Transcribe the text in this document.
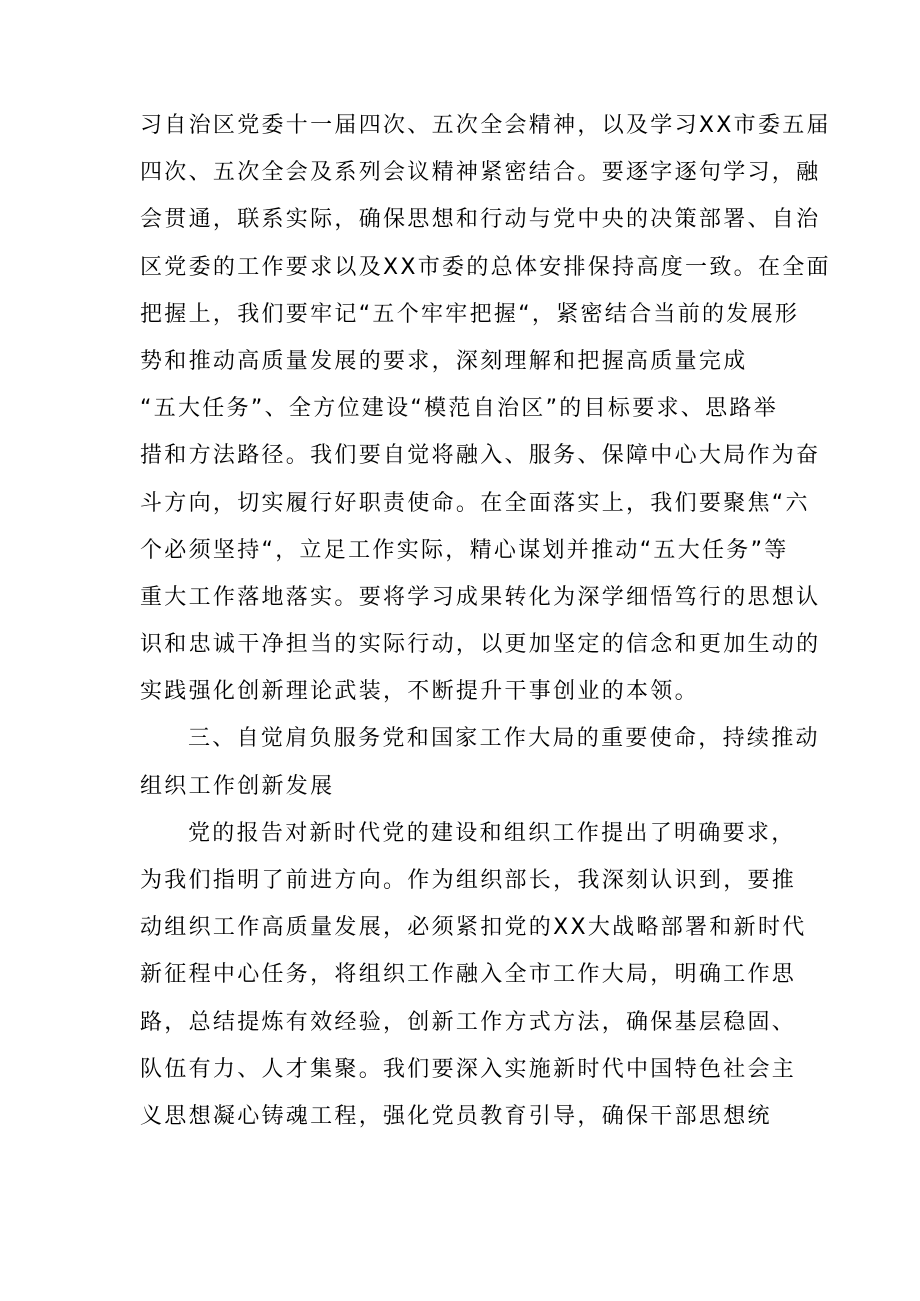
习自治区党委十一届四次、五次全会精神，以及学习XX市委五届
四次、五次全会及系列会议精神紧密结合。要逐字逐句学习，融
会贯通，联系实际，确保思想和行动与党中央的决策部署、自治
区党委的工作要求以及XX市委的总体安排保持高度一致。在全面
把握上，我们要牢记“五个牢牢把握“，紧密结合当前的发展形
势和推动高质量发展的要求，深刻理解和把握高质量完成
“五大任务”、全方位建设“模范自治区”的目标要求、思路举
措和方法路径。我们要自觉将融入、服务、保障中心大局作为奋
斗方向，切实履行好职责使命。在全面落实上，我们要聚焦“六
个必须坚持“，立足工作实际，精心谋划并推动“五大任务”等
重大工作落地落实。要将学习成果转化为深学细悟笃行的思想认
识和忠诚干净担当的实际行动，以更加坚定的信念和更加生动的
实践强化创新理论武装，不断提升干事创业的本领。
三、自觉肩负服务党和国家工作大局的重要使命，持续推动
组织工作创新发展
党的报告对新时代党的建设和组织工作提出了明确要求，
为我们指明了前进方向。作为组织部长，我深刻认识到，要推
动组织工作高质量发展，必须紧扣党的XX大战略部署和新时代
新征程中心任务，将组织工作融入全市工作大局，明确工作思
路，总结提炼有效经验，创新工作方式方法，确保基层稳固、
队伍有力、人才集聚。我们要深入实施新时代中国特色社会主
义思想凝心铸魂工程，强化党员教育引导，确保干部思想统
